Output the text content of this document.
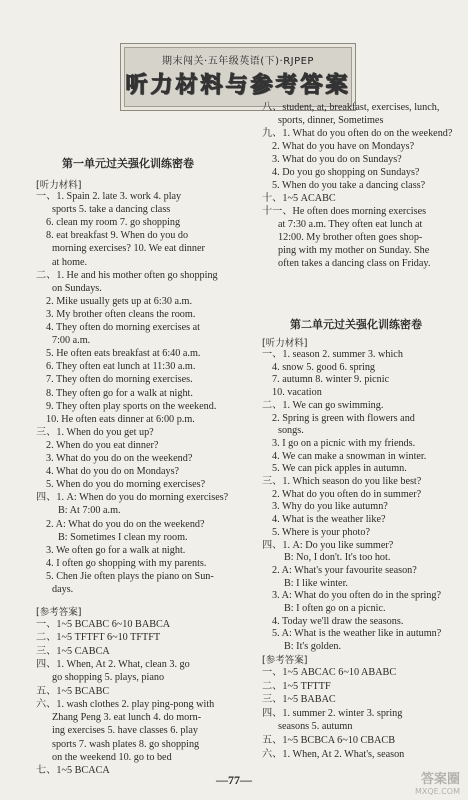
期末闯关·五年级英语(下)·RJPEP
听力材料与参考答案
第一单元过关强化训练密卷
[听力材料]
一、1. Spain 2. late 3. work 4. play
sports 5. take a dancing class
6. clean my room 7. go shopping
8. eat breakfast 9. When do you do
morning exercises? 10. We eat dinner
at home.
二、1. He and his mother often go shopping
on Sundays.
2. Mike usually gets up at 6:30 a.m.
3. My brother often cleans the room.
4. They often do morning exercises at
7:00 a.m.
5. He often eats breakfast at 6:40 a.m.
6. They often eat lunch at 11:30 a.m.
7. They often do morning exercises.
8. They often go for a walk at night.
9. They often play sports on the weekend.
10. He often eats dinner at 6:00 p.m.
三、1. When do you get up?
2. When do you eat dinner?
3. What do you do on the weekend?
4. What do you do on Mondays?
5. When do you do morning exercises?
四、1. A: When do you do morning exercises?
B: At 7:00 a.m.
2. A: What do you do on the weekend?
B: Sometimes I clean my room.
3. We often go for a walk at night.
4. I often go shopping with my parents.
5. Chen Jie often plays the piano on Sun-
days.
[参考答案]
一、1~5 BCABC 6~10 BABCA
二、1~5 TFTFT 6~10 TFTFT
三、1~5 CABCA
四、1. When, At 2. What, clean 3. go
go shopping 5. plays, piano
五、1~5 BCABC
六、1. wash clothes 2. play ping-pong with
Zhang Peng 3. eat lunch 4. do morn-
ing exercises 5. have classes 6. play
sports 7. wash plates 8. go shopping
on the weekend 10. go to bed
七、1~5 BCACA
八、student, at, breakfast, exercises, lunch,
sports, dinner, Sometimes
九、1. What do you often do on the weekend?
2. What do you have on Mondays?
3. What do you do on Sundays?
4. Do you go shopping on Sundays?
5. When do you take a dancing class?
十、1~5 ACABC
十一、He often does morning exercises
at 7:30 a.m. They often eat lunch at
12:00. My brother often goes shop-
ping with my mother on Sunday. She
often takes a dancing class on Friday.
第二单元过关强化训练密卷
[听力材料]
一、1. season 2. summer 3. which
4. snow 5. good 6. spring
7. autumn 8. winter 9. picnic
10. vacation
二、1. We can go swimming.
2. Spring is green with flowers and
songs.
3. I go on a picnic with my friends.
4. We can make a snowman in winter.
5. We can pick apples in autumn.
三、1. Which season do you like best?
2. What do you often do in summer?
3. Why do you like autumn?
4. What is the weather like?
5. Where is your photo?
四、1. A: Do you like summer?
B: No, I don't. It's too hot.
2. A: What's your favourite season?
B: I like winter.
3. A: What do you often do in the spring?
B: I often go on a picnic.
4. Today we'll draw the seasons.
5. A: What is the weather like in autumn?
B: It's golden.
[参考答案]
一、1~5 ABCAC 6~10 ABABC
二、1~5 TFTTF
三、1~5 BABAC
四、1. summer 2. winter 3. spring
seasons 5. autumn
五、1~5 BCBCA 6~10 CBACB
六、1. When, At 2. What's, season
—77—	答案圈
MXQE.COM
